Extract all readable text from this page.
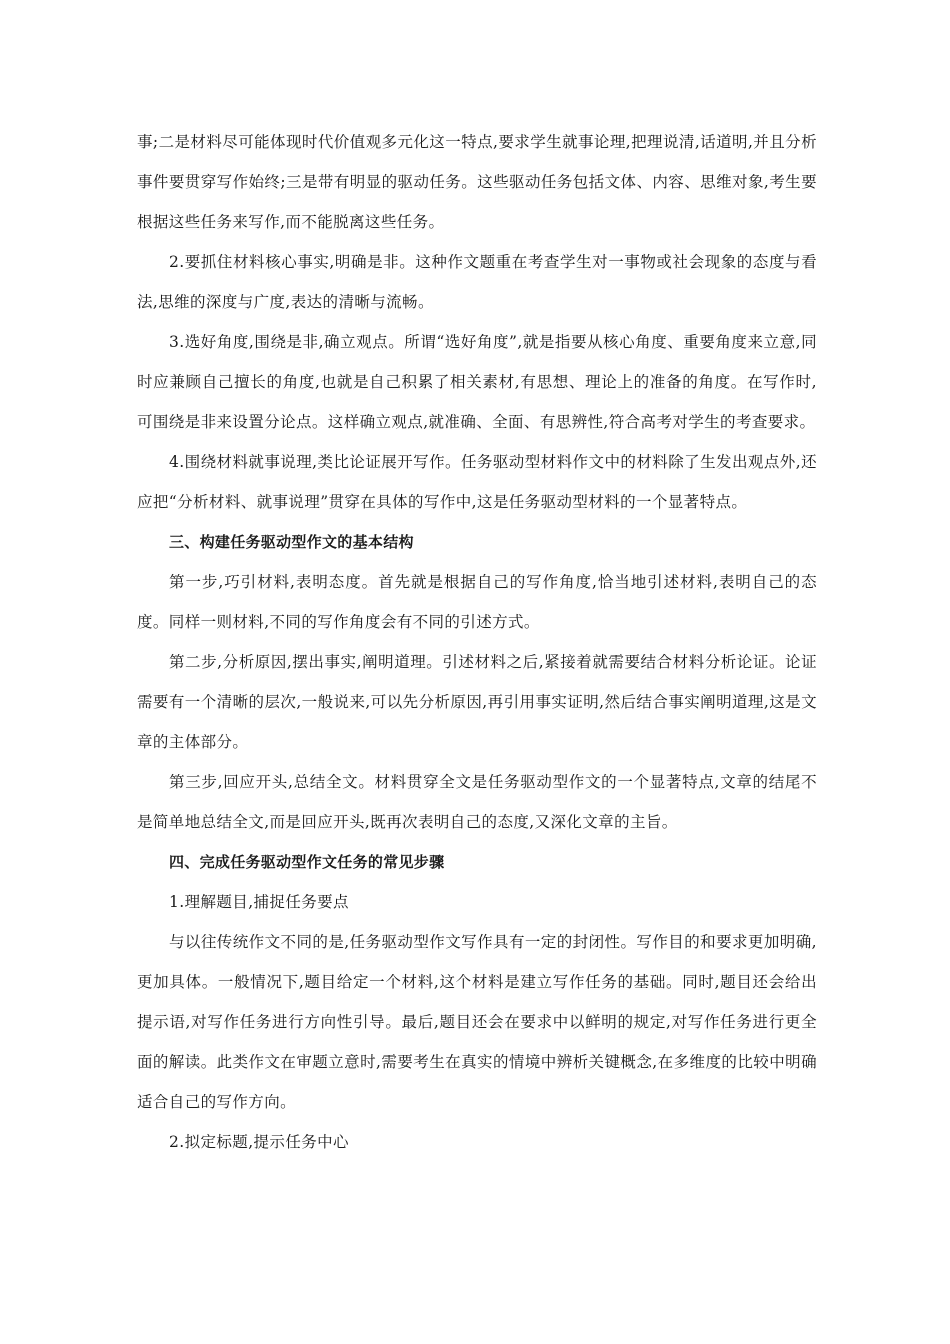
事;二是材料尽可能体现时代价值观多元化这一特点,要求学生就事论理,把理说清,话道明,并且分析事件要贯穿写作始终;三是带有明显的驱动任务。这些驱动任务包括文体、内容、思维对象,考生要根据这些任务来写作,而不能脱离这些任务。

2.要抓住材料核心事实,明确是非。这种作文题重在考查学生对一事物或社会现象的态度与看法,思维的深度与广度,表达的清晰与流畅。

3.选好角度,围绕是非,确立观点。所谓“选好角度”,就是指要从核心角度、重要角度来立意,同时应兼顾自己擅长的角度,也就是自己积累了相关素材,有思想、理论上的准备的角度。在写作时,可围绕是非来设置分论点。这样确立观点,就准确、全面、有思辨性,符合高考对学生的考查要求。

4.围绕材料就事说理,类比论证展开写作。任务驱动型材料作文中的材料除了生发出观点外,还应把“分析材料、就事说理”贯穿在具体的写作中,这是任务驱动型材料的一个显著特点。

三、构建任务驱动型作文的基本结构

第一步,巧引材料,表明态度。首先就是根据自己的写作角度,恰当地引述材料,表明自己的态度。同样一则材料,不同的写作角度会有不同的引述方式。

第二步,分析原因,摆出事实,阐明道理。引述材料之后,紧接着就需要结合材料分析论证。论证需要有一个清晰的层次,一般说来,可以先分析原因,再引用事实证明,然后结合事实阐明道理,这是文章的主体部分。

第三步,回应开头,总结全文。材料贯穿全文是任务驱动型作文的一个显著特点,文章的结尾不是简单地总结全文,而是回应开头,既再次表明自己的态度,又深化文章的主旨。

四、完成任务驱动型作文任务的常见步骤

1.理解题目,捕捉任务要点

与以往传统作文不同的是,任务驱动型作文写作具有一定的封闭性。写作目的和要求更加明确,更加具体。一般情况下,题目给定一个材料,这个材料是建立写作任务的基础。同时,题目还会给出提示语,对写作任务进行方向性引导。最后,题目还会在要求中以鲜明的规定,对写作任务进行更全面的解读。此类作文在审题立意时,需要考生在真实的情境中辨析关键概念,在多维度的比较中明确适合自己的写作方向。

2.拟定标题,提示任务中心
